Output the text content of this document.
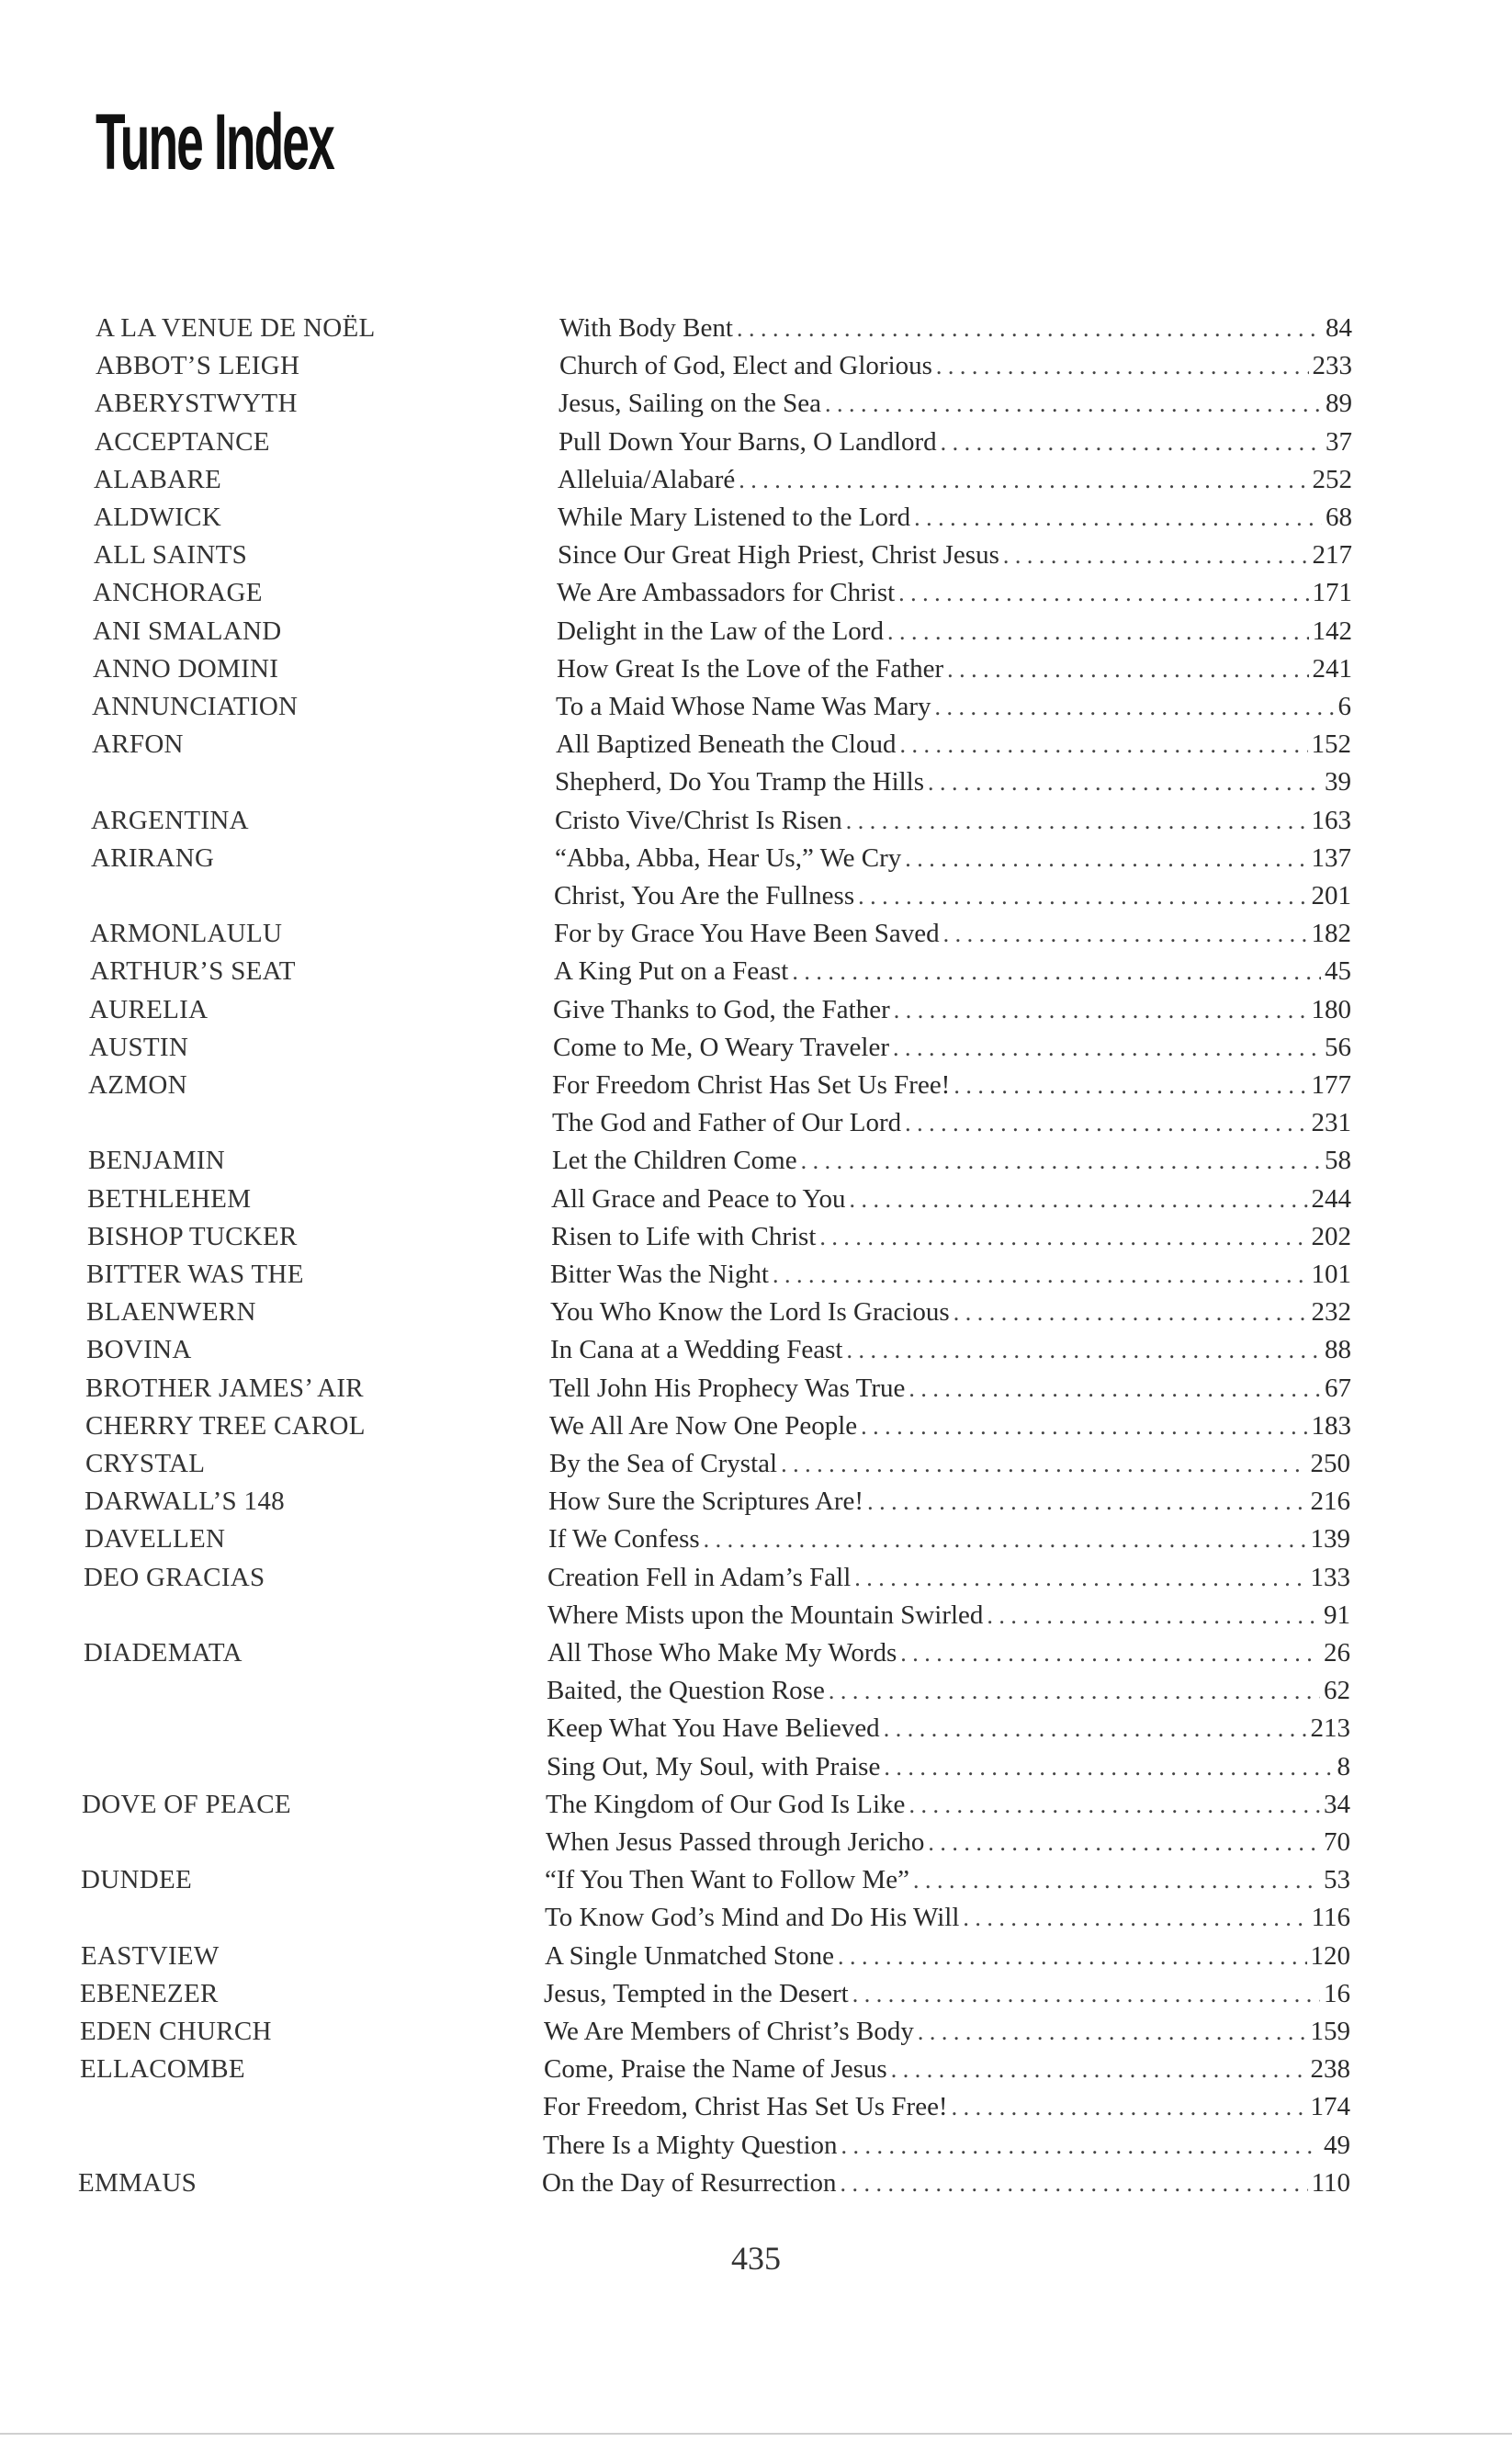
Tune Index
A LA VENUE DE NOËL	With Body Bent . . .	84
ABBOT’S LEIGH	Church of God, Elect and Glorious . . .	233
ABERYSTWYTH	Jesus, Sailing on the Sea . . .	89
ACCEPTANCE	Pull Down Your Barns, O Landlord . . .	37
ALABARE	Alleluia/Alabaré . . .	252
ALDWICK	While Mary Listened to the Lord . . .	68
ALL SAINTS	Since Our Great High Priest, Christ Jesus . . .	217
ANCHORAGE	We Are Ambassadors for Christ . . .	171
ANI SMALAND	Delight in the Law of the Lord . . .	142
ANNO DOMINI	How Great Is the Love of the Father . . .	241
ANNUNCIATION	To a Maid Whose Name Was Mary . . .	6
ARFON	All Baptized Beneath the Cloud . . .	152
Shepherd, Do You Tramp the Hills . . .	39
ARGENTINA	Cristo Vive/Christ Is Risen . . .	163
ARIRANG	“Abba, Abba, Hear Us,” We Cry . . .	137
Christ, You Are the Fullness . . .	201
ARMONLAULU	For by Grace You Have Been Saved . . .	182
ARTHUR’S SEAT	A King Put on a Feast . . .	45
AURELIA	Give Thanks to God, the Father . . .	180
AUSTIN	Come to Me, O Weary Traveler . . .	56
AZMON	For Freedom Christ Has Set Us Free! . . .	177
The God and Father of Our Lord . . .	231
BENJAMIN	Let the Children Come . . .	58
BETHLEHEM	All Grace and Peace to You . . .	244
BISHOP TUCKER	Risen to Life with Christ . . .	202
BITTER WAS THE	Bitter Was the Night . . .	101
BLAENWERN	You Who Know the Lord Is Gracious . . .	232
BOVINA	In Cana at a Wedding Feast . . .	88
BROTHER JAMES’ AIR	Tell John His Prophecy Was True . . .	67
CHERRY TREE CAROL	We All Are Now One People . . .	183
CRYSTAL	By the Sea of Crystal . . .	250
DARWALL’S 148	How Sure the Scriptures Are! . . .	216
DAVELLEN	If We Confess . . .	139
DEO GRACIAS	Creation Fell in Adam’s Fall . . .	133
Where Mists upon the Mountain Swirled . . .	91
DIADEMATA	All Those Who Make My Words . . .	26
Baited, the Question Rose . . .	62
Keep What You Have Believed . . .	213
Sing Out, My Soul, with Praise . . .	8
DOVE OF PEACE	The Kingdom of Our God Is Like . . .	34
When Jesus Passed through Jericho . . .	70
DUNDEE	“If You Then Want to Follow Me” . . .	53
To Know God’s Mind and Do His Will . . .	116
EASTVIEW	A Single Unmatched Stone . . .	120
EBENEZER	Jesus, Tempted in the Desert . . .	16
EDEN CHURCH	We Are Members of Christ’s Body . . .	159
ELLACOMBE	Come, Praise the Name of Jesus . . .	238
For Freedom, Christ Has Set Us Free! . . .	174
There Is a Mighty Question . . .	49
EMMAUS	On the Day of Resurrection . . .	110
435
